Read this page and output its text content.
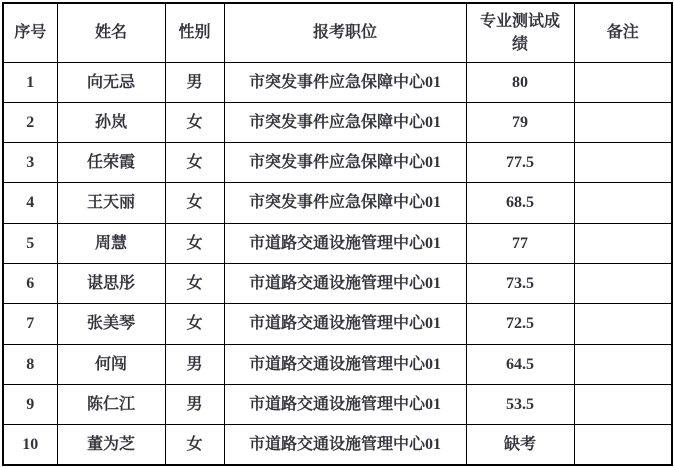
序号	姓名	性别	报考职位	专业测试成绩	备注
1	向无忌	男	市突发事件应急保障中心01	80	
2	孙岚	女	市突发事件应急保障中心01	79	
3	任荣霞	女	市突发事件应急保障中心01	77.5	
4	王天丽	女	市突发事件应急保障中心01	68.5	
5	周慧	女	市道路交通设施管理中心01	77	
6	谌思彤	女	市道路交通设施管理中心01	73.5	
7	张美琴	女	市道路交通设施管理中心01	72.5	
8	何闯	男	市道路交通设施管理中心01	64.5	
9	陈仁江	男	市道路交通设施管理中心01	53.5	
10	董为芝	女	市道路交通设施管理中心01	缺考	
